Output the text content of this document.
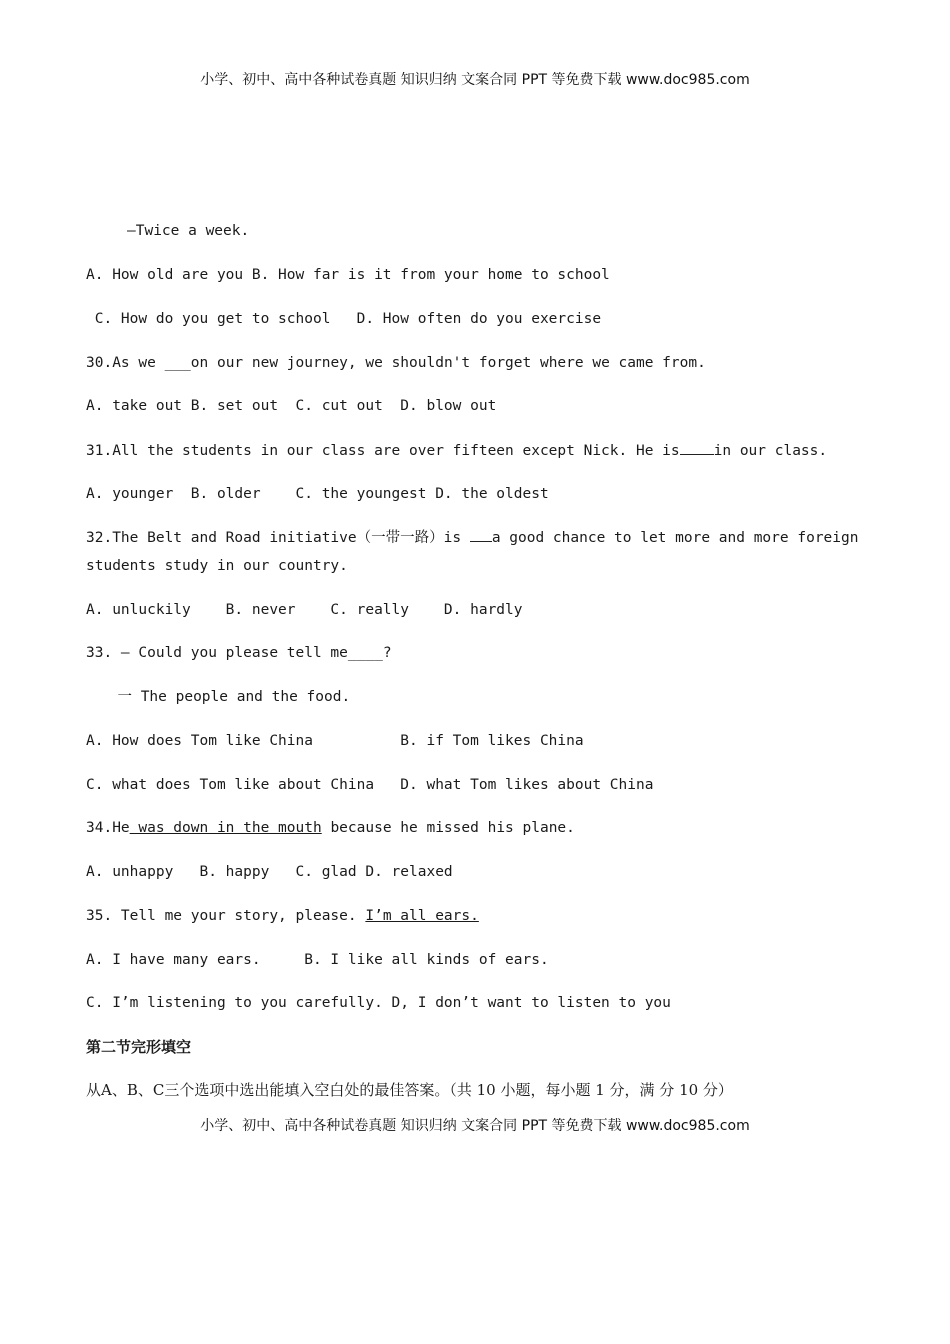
小学、初中、高中各种试卷真题 知识归纳 文案合同 PPT 等免费下载 www.doc985.com
—Twice a week.
A. How old are you B. How far is it from your home to school
C. How do you get to school   D. How often do you exercise
30.As we ___on our new journey, we shouldn't forget where we came from.
A. take out B. set out  C. cut out  D. blow out
31.All the students in our class are over fifteen except Nick. He is in our class.
A. younger  B. older    C. the youngest D. the oldest
32.The Belt and Road initiative（一带一路）is a good chance to let more and more foreign
students study in our country.
A. unluckily    B. never    C. really    D. hardly
33. — Could you please tell me____?
一 The people and the food.
A. How does Tom like China          B. if Tom likes China
C. what does Tom like about China   D. what Tom likes about China
34.He was down in the mouth because he missed his plane.
A. unhappy   B. happy   C. glad D. relaxed
35. Tell me your story, please. I’m all ears.
A. I have many ears.     B. I like all kinds of ears.
C. I’m listening to you carefully. D, I don’t want to listen to you
第二节完形填空
从A、B、C三个选项中选出能填入空白处的最佳答案。（共 10 小题，每小题 1 分，满 分 10 分）
小学、初中、高中各种试卷真题 知识归纳 文案合同 PPT 等免费下载 www.doc985.com
